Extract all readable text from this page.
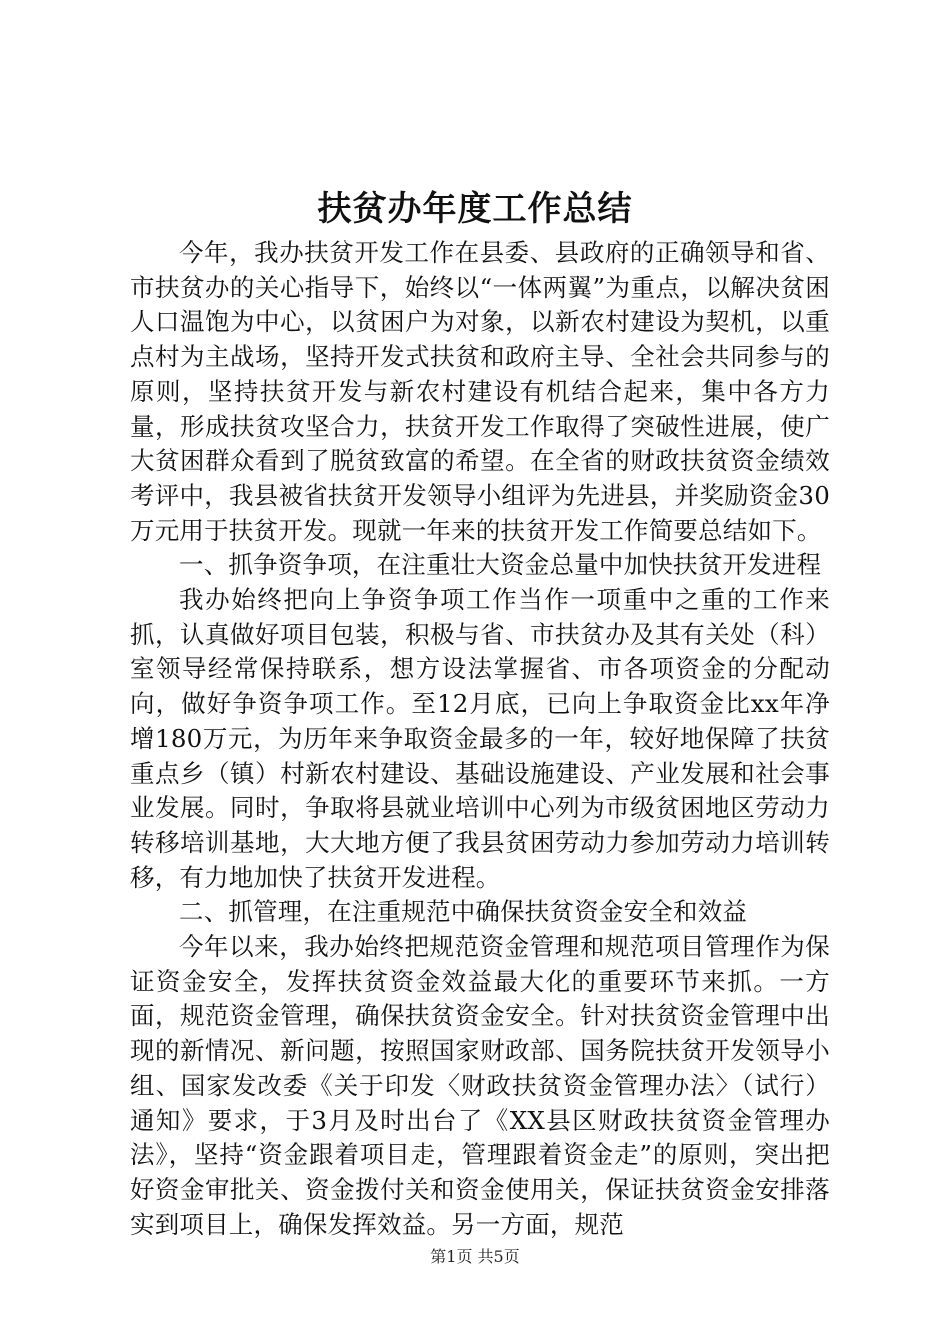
扶贫办年度工作总结

今年，我办扶贫开发工作在县委、县政府的正确领导和省、市扶贫办的关心指导下，始终以“一体两翼”为重点，以解决贫困人口温饱为中心，以贫困户为对象，以新农村建设为契机，以重点村为主战场，坚持开发式扶贫和政府主导、全社会共同参与的原则，坚持扶贫开发与新农村建设有机结合起来，集中各方力量，形成扶贫攻坚合力，扶贫开发工作取得了突破性进展，使广大贫困群众看到了脱贫致富的希望。在全省的财政扶贫资金绩效考评中，我县被省扶贫开发领导小组评为先进县，并奖励资金30万元用于扶贫开发。现就一年来的扶贫开发工作简要总结如下。

一、抓争资争项，在注重壮大资金总量中加快扶贫开发进程

我办始终把向上争资争项工作当作一项重中之重的工作来抓，认真做好项目包装，积极与省、市扶贫办及其有关处（科）室领导经常保持联系，想方设法掌握省、市各项资金的分配动向，做好争资争项工作。至12月底，已向上争取资金比xx年净增180万元，为历年来争取资金最多的一年，较好地保障了扶贫重点乡（镇）村新农村建设、基础设施建设、产业发展和社会事业发展。同时，争取将县就业培训中心列为市级贫困地区劳动力转移培训基地，大大地方便了我县贫困劳动力参加劳动力培训转移，有力地加快了扶贫开发进程。

二、抓管理，在注重规范中确保扶贫资金安全和效益

今年以来，我办始终把规范资金管理和规范项目管理作为保证资金安全，发挥扶贫资金效益最大化的重要环节来抓。一方面，规范资金管理，确保扶贫资金安全。针对扶贫资金管理中出现的新情况、新问题，按照国家财政部、国务院扶贫开发领导小组、国家发改委《关于印发〈财政扶贫资金管理办法〉（试行）通知》要求，于3月及时出台了《XX县区财政扶贫资金管理办法》，坚持“资金跟着项目走，管理跟着资金走”的原则，突出把好资金审批关、资金拨付关和资金使用关，保证扶贫资金安排落实到项目上，确保发挥效益。另一方面，规范

第1页 共5页
